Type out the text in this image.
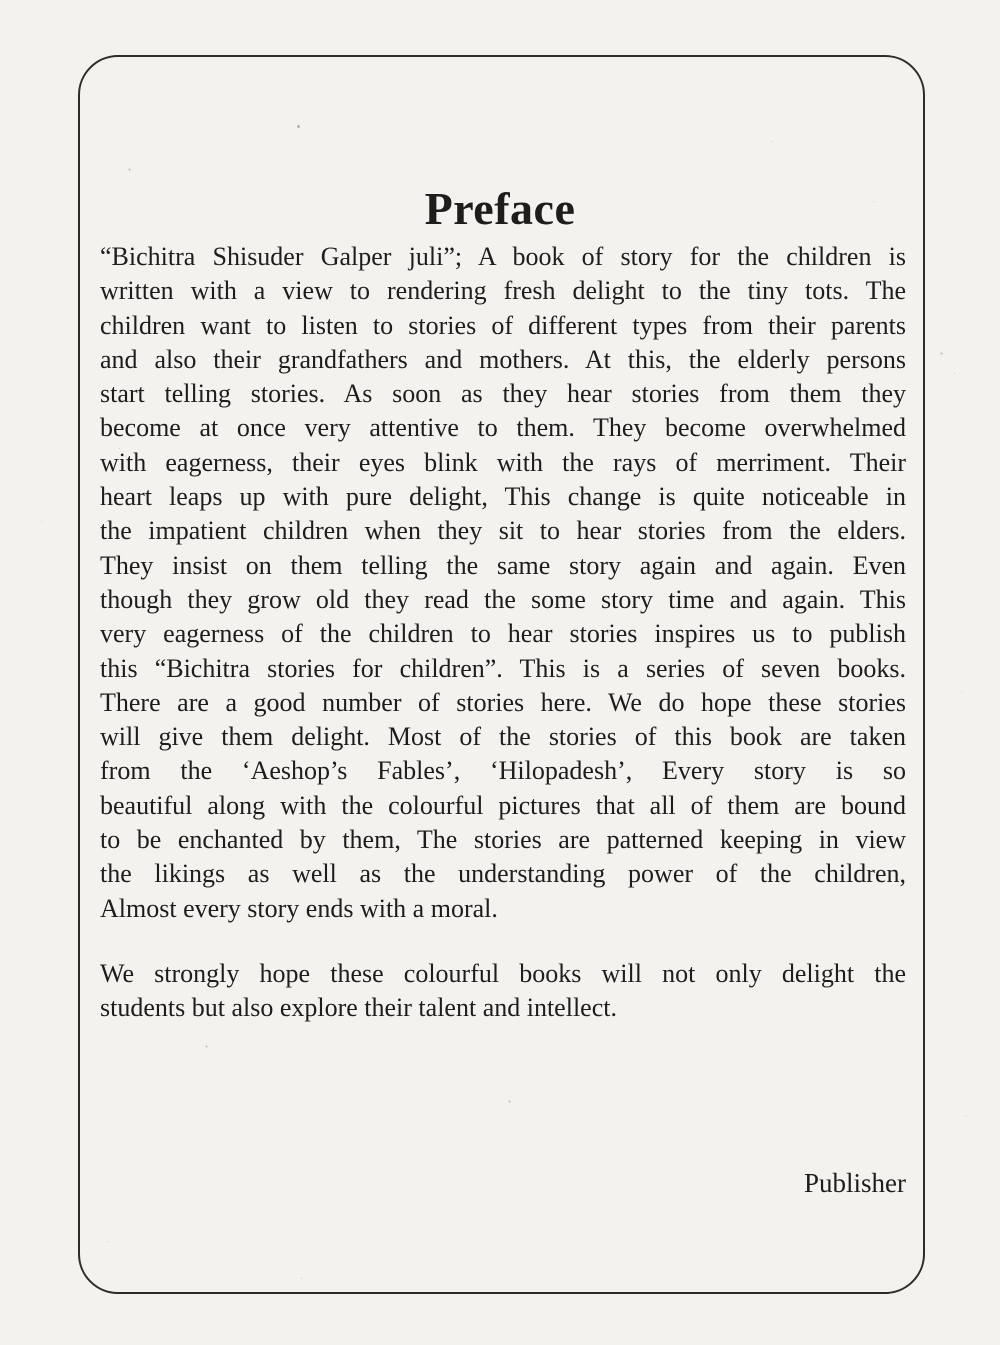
Preface
“Bichitra Shisuder Galper juli”; A book of story for the children is
written with a view to rendering fresh delight to the tiny tots. The
children want to listen to stories of different types from their parents
and also their grandfathers and mothers. At this, the elderly persons
start telling stories. As soon as they hear stories from them they
become at once very attentive to them. They become overwhelmed
with eagerness, their eyes blink with the rays of merriment. Their
heart leaps up with pure delight, This change is quite noticeable in
the impatient children when they sit to hear stories from the elders.
They insist on them telling the same story again and again. Even
though they grow old they read the some story time and again. This
very eagerness of the children to hear stories inspires us to publish
this “Bichitra stories for children”. This is a series of seven books.
There are a good number of stories here. We do hope these stories
will give them delight. Most of the stories of this book are taken
from the ‘Aeshop’s Fables’, ‘Hilopadesh’, Every story is so
beautiful along with the colourful pictures that all of them are bound
to be enchanted by them, The stories are patterned keeping in view
the likings as well as the understanding power of the children,
Almost every story ends with a moral.
We strongly hope these colourful books will not only delight the
students but also explore their talent and intellect.
Publisher
